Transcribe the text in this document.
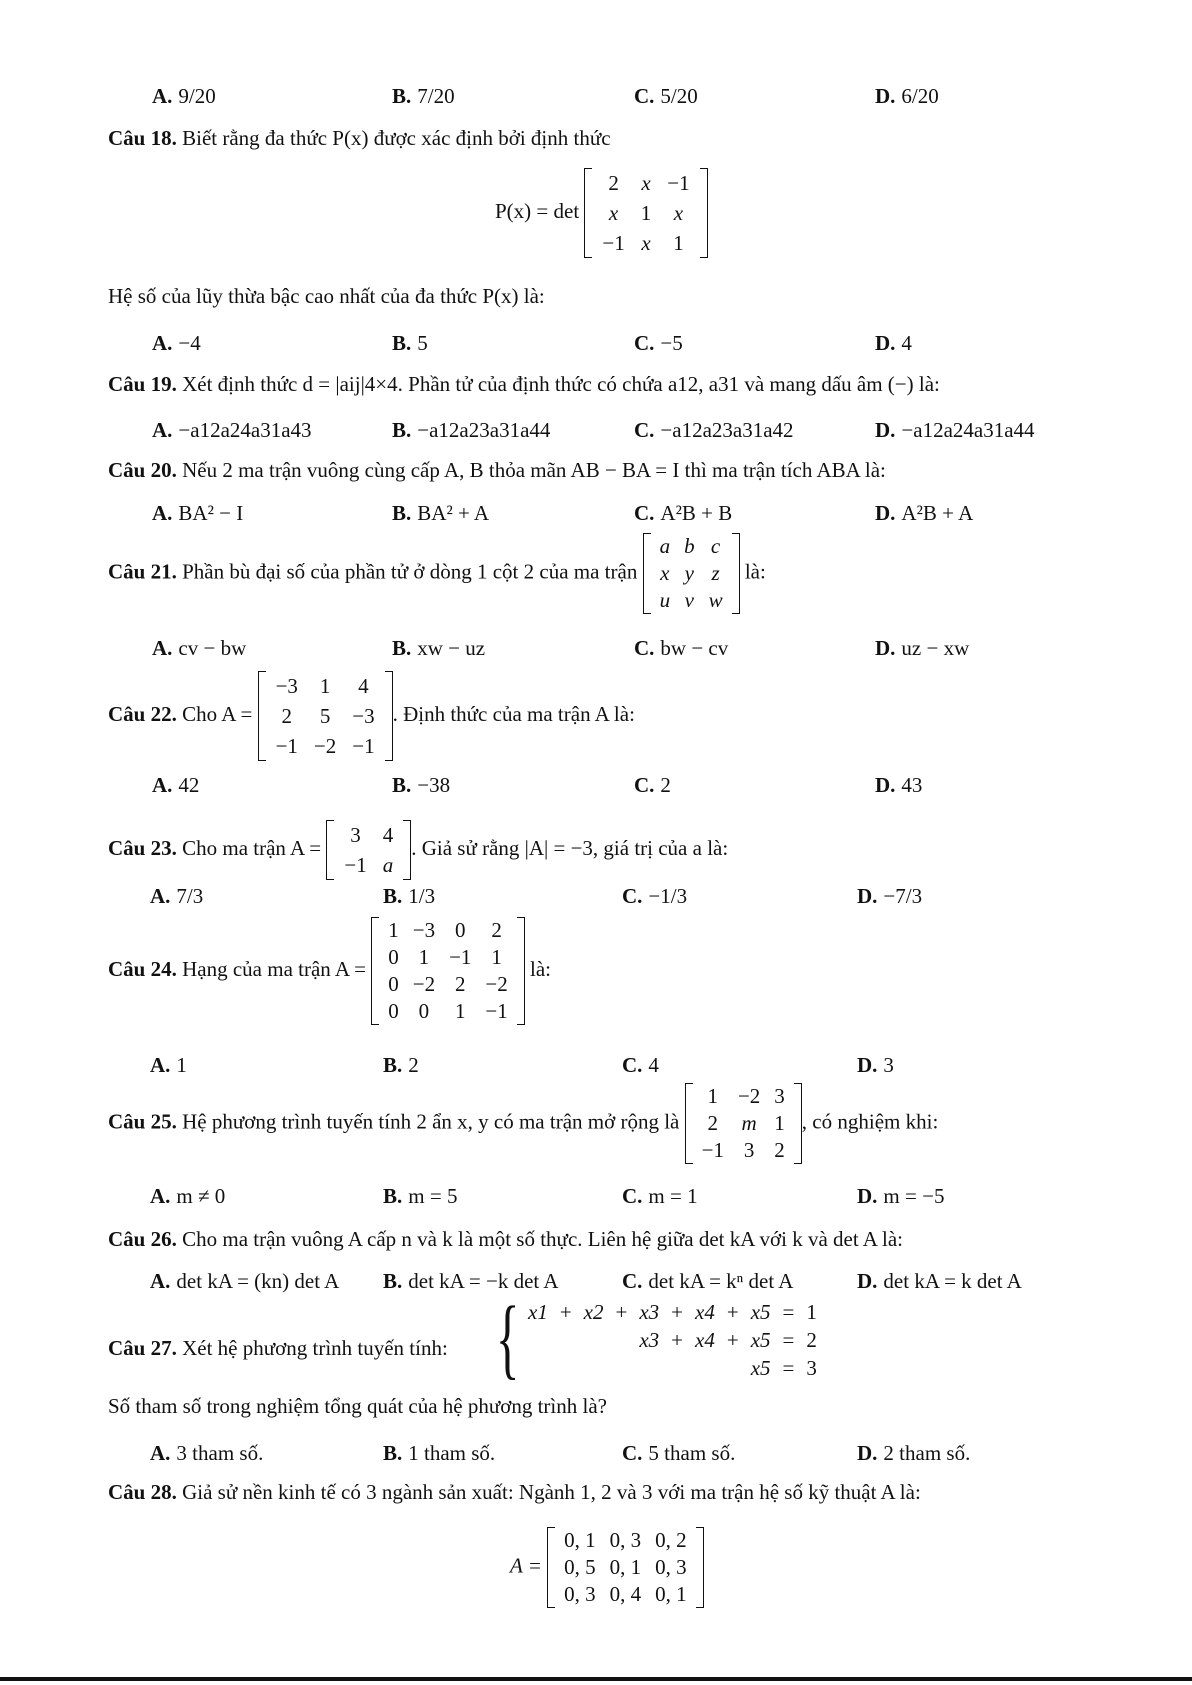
A. 9/20	B. 7/20	C. 5/20	D. 6/20
Câu 18. Biết rằng đa thức P(x) được xác định bởi định thức
P(x) = det
2	x	−1
x	1	x
−1	x	1
Hệ số của lũy thừa bậc cao nhất của đa thức P(x) là:
A. −4	B. 5	C. −5	D. 4
Câu 19. Xét định thức d = |aij|4×4. Phần tử của định thức có chứa a12, a31 và mang dấu âm (−) là:
A. −a12a24a31a43	B. −a12a23a31a44	C. −a12a23a31a42	D. −a12a24a31a44
Câu 20. Nếu 2 ma trận vuông cùng cấp A, B thỏa mãn AB − BA = I thì ma trận tích ABA là:
A. BA² − I	B. BA² + A	C. A²B + B	D. A²B + A
Câu 21. Phần bù đại số của phần tử ở dòng 1 cột 2 của ma trận
a	b	c
x	y	z
u	v	w
là:
A. cv − bw	B. xw − uz	C. bw − cv	D. uz − xw
Câu 22. Cho A =
−3	1	4
2	5	−3
−1	−2	−1
. Định thức của ma trận A là:
A. 42	B. −38	C. 2	D. 43
Câu 23. Cho ma trận A =
3	4
−1	a
. Giả sử rằng |A| = −3, giá trị của a là:
A. 7/3	B. 1/3	C. −1/3	D. −7/3
Câu 24. Hạng của ma trận A =
1	−3	0	2
0	1	−1	1
0	−2	2	−2
0	0	1	−1
là:
A. 1	B. 2	C. 4	D. 3
Câu 25. Hệ phương trình tuyến tính 2 ẩn x, y có ma trận mở rộng là
1	−2	3
2	m	1
−1	3	2
, có nghiệm khi:
A. m ≠ 0	B. m = 5	C. m = 1	D. m = −5
Câu 26. Cho ma trận vuông A cấp n và k là một số thực. Liên hệ giữa det kA với k và det A là:
A. det kA = (kn) det A B. det kA = −k det A	C. det kA = kⁿ det A	D. det kA = k det A
Câu 27. Xét hệ phương trình tuyến tính: { x1	+	x2	+	x3	+	x4	+	x5	=	1
				x3	+	x4	+	x5	=	2
								x5	=	3
Số tham số trong nghiệm tổng quát của hệ phương trình là?
A. 3 tham số.	B. 1 tham số.	C. 5 tham số.	D. 2 tham số.
Câu 28. Giả sử nền kinh tế có 3 ngành sản xuất: Ngành 1, 2 và 3 với ma trận hệ số kỹ thuật A là:
A =
0, 1	0, 3	0, 2
0, 5	0, 1	0, 3
0, 3	0, 4	0, 1
